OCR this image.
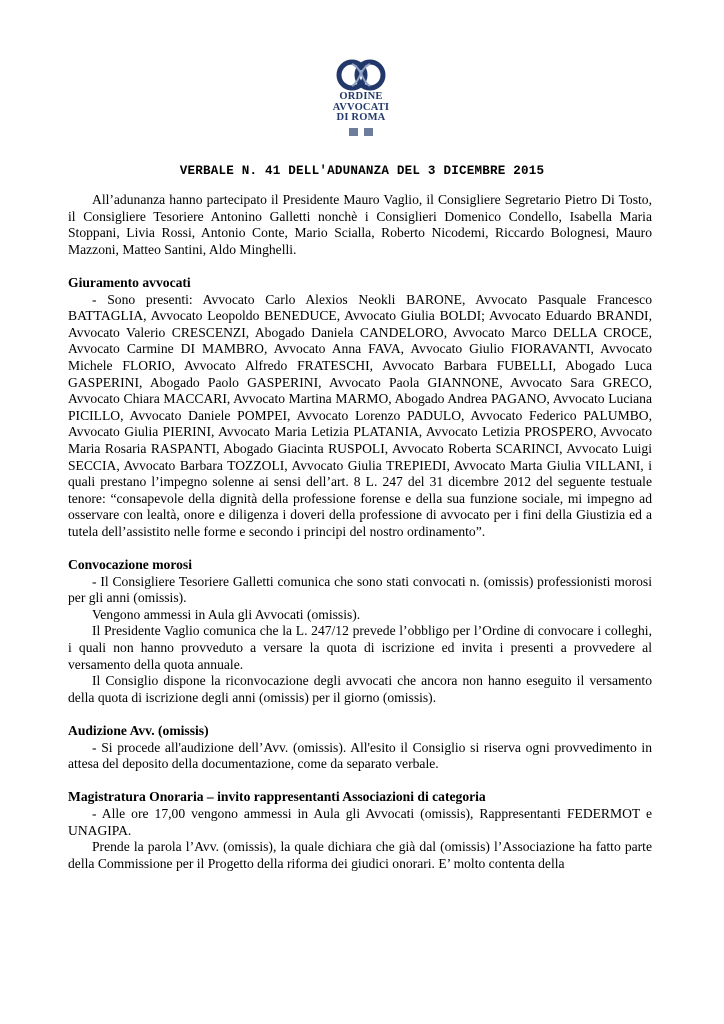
ORDINE
AVVOCATI
DI ROMA
VERBALE N. 41 DELL'ADUNANZA DEL 3 DICEMBRE 2015

All’adunanza hanno partecipato il Presidente Mauro Vaglio, il Consigliere Segretario Pietro Di Tosto, il Consigliere Tesoriere Antonino Galletti nonchè i Consiglieri Domenico Condello, Isabella Maria Stoppani, Livia Rossi, Antonio Conte, Mario Scialla, Roberto Nicodemi, Riccardo Bolognesi, Mauro Mazzoni, Matteo Santini, Aldo Minghelli.

Giuramento avvocati

- Sono presenti: Avvocato Carlo Alexios Neokli BARONE, Avvocato Pasquale Francesco BATTAGLIA, Avvocato Leopoldo BENEDUCE, Avvocato Giulia BOLDI; Avvocato Eduardo BRANDI, Avvocato Valerio CRESCENZI, Abogado Daniela CANDELORO, Avvocato Marco DELLA CROCE, Avvocato Carmine DI MAMBRO, Avvocato Anna FAVA, Avvocato Giulio FIORAVANTI, Avvocato Michele FLORIO, Avvocato Alfredo FRATESCHI, Avvocato Barbara FUBELLI, Abogado Luca GASPERINI, Abogado Paolo GASPERINI, Avvocato Paola GIANNONE, Avvocato Sara GRECO, Avvocato Chiara MACCARI, Avvocato Martina MARMO, Abogado Andrea PAGANO, Avvocato Luciana PICILLO, Avvocato Daniele POMPEI, Avvocato Lorenzo PADULO, Avvocato Federico PALUMBO, Avvocato Giulia PIERINI, Avvocato Maria Letizia PLATANIA, Avvocato Letizia PROSPERO, Avvocato Maria Rosaria RASPANTI, Abogado Giacinta RUSPOLI, Avvocato Roberta SCARINCI, Avvocato Luigi SECCIA, Avvocato Barbara TOZZOLI, Avvocato Giulia TREPIEDI, Avvocato Marta Giulia VILLANI, i quali prestano l’impegno solenne ai sensi dell’art. 8 L. 247 del 31 dicembre 2012 del seguente testuale tenore: “consapevole della dignità della professione forense e della sua funzione sociale, mi impegno ad osservare con lealtà, onore e diligenza i doveri della professione di avvocato per i fini della Giustizia ed a tutela dell’assistito nelle forme e secondo i principi del nostro ordinamento”.

Convocazione morosi

- Il Consigliere Tesoriere Galletti comunica che sono stati convocati n. (omissis) professionisti morosi per gli anni (omissis).

Vengono ammessi in Aula gli Avvocati (omissis).

Il Presidente Vaglio comunica che la L. 247/12 prevede l’obbligo per l’Ordine di convocare i colleghi, i quali non hanno provveduto a versare la quota di iscrizione ed invita i presenti a provvedere al versamento della quota annuale.

Il Consiglio dispone la riconvocazione degli avvocati che ancora non hanno eseguito il versamento della quota di iscrizione degli anni (omissis) per il giorno (omissis).

Audizione Avv. (omissis)

- Si procede all'audizione dell’Avv. (omissis). All'esito il Consiglio si riserva ogni provvedimento in attesa del deposito della documentazione, come da separato verbale.

Magistratura Onoraria – invito rappresentanti Associazioni di categoria

- Alle ore 17,00 vengono ammessi in Aula gli Avvocati (omissis), Rappresentanti FEDERMOT e UNAGIPA.

Prende la parola l’Avv. (omissis), la quale dichiara che già dal (omissis) l’Associazione ha fatto parte della Commissione per il Progetto della riforma dei giudici onorari. E’ molto contenta della
